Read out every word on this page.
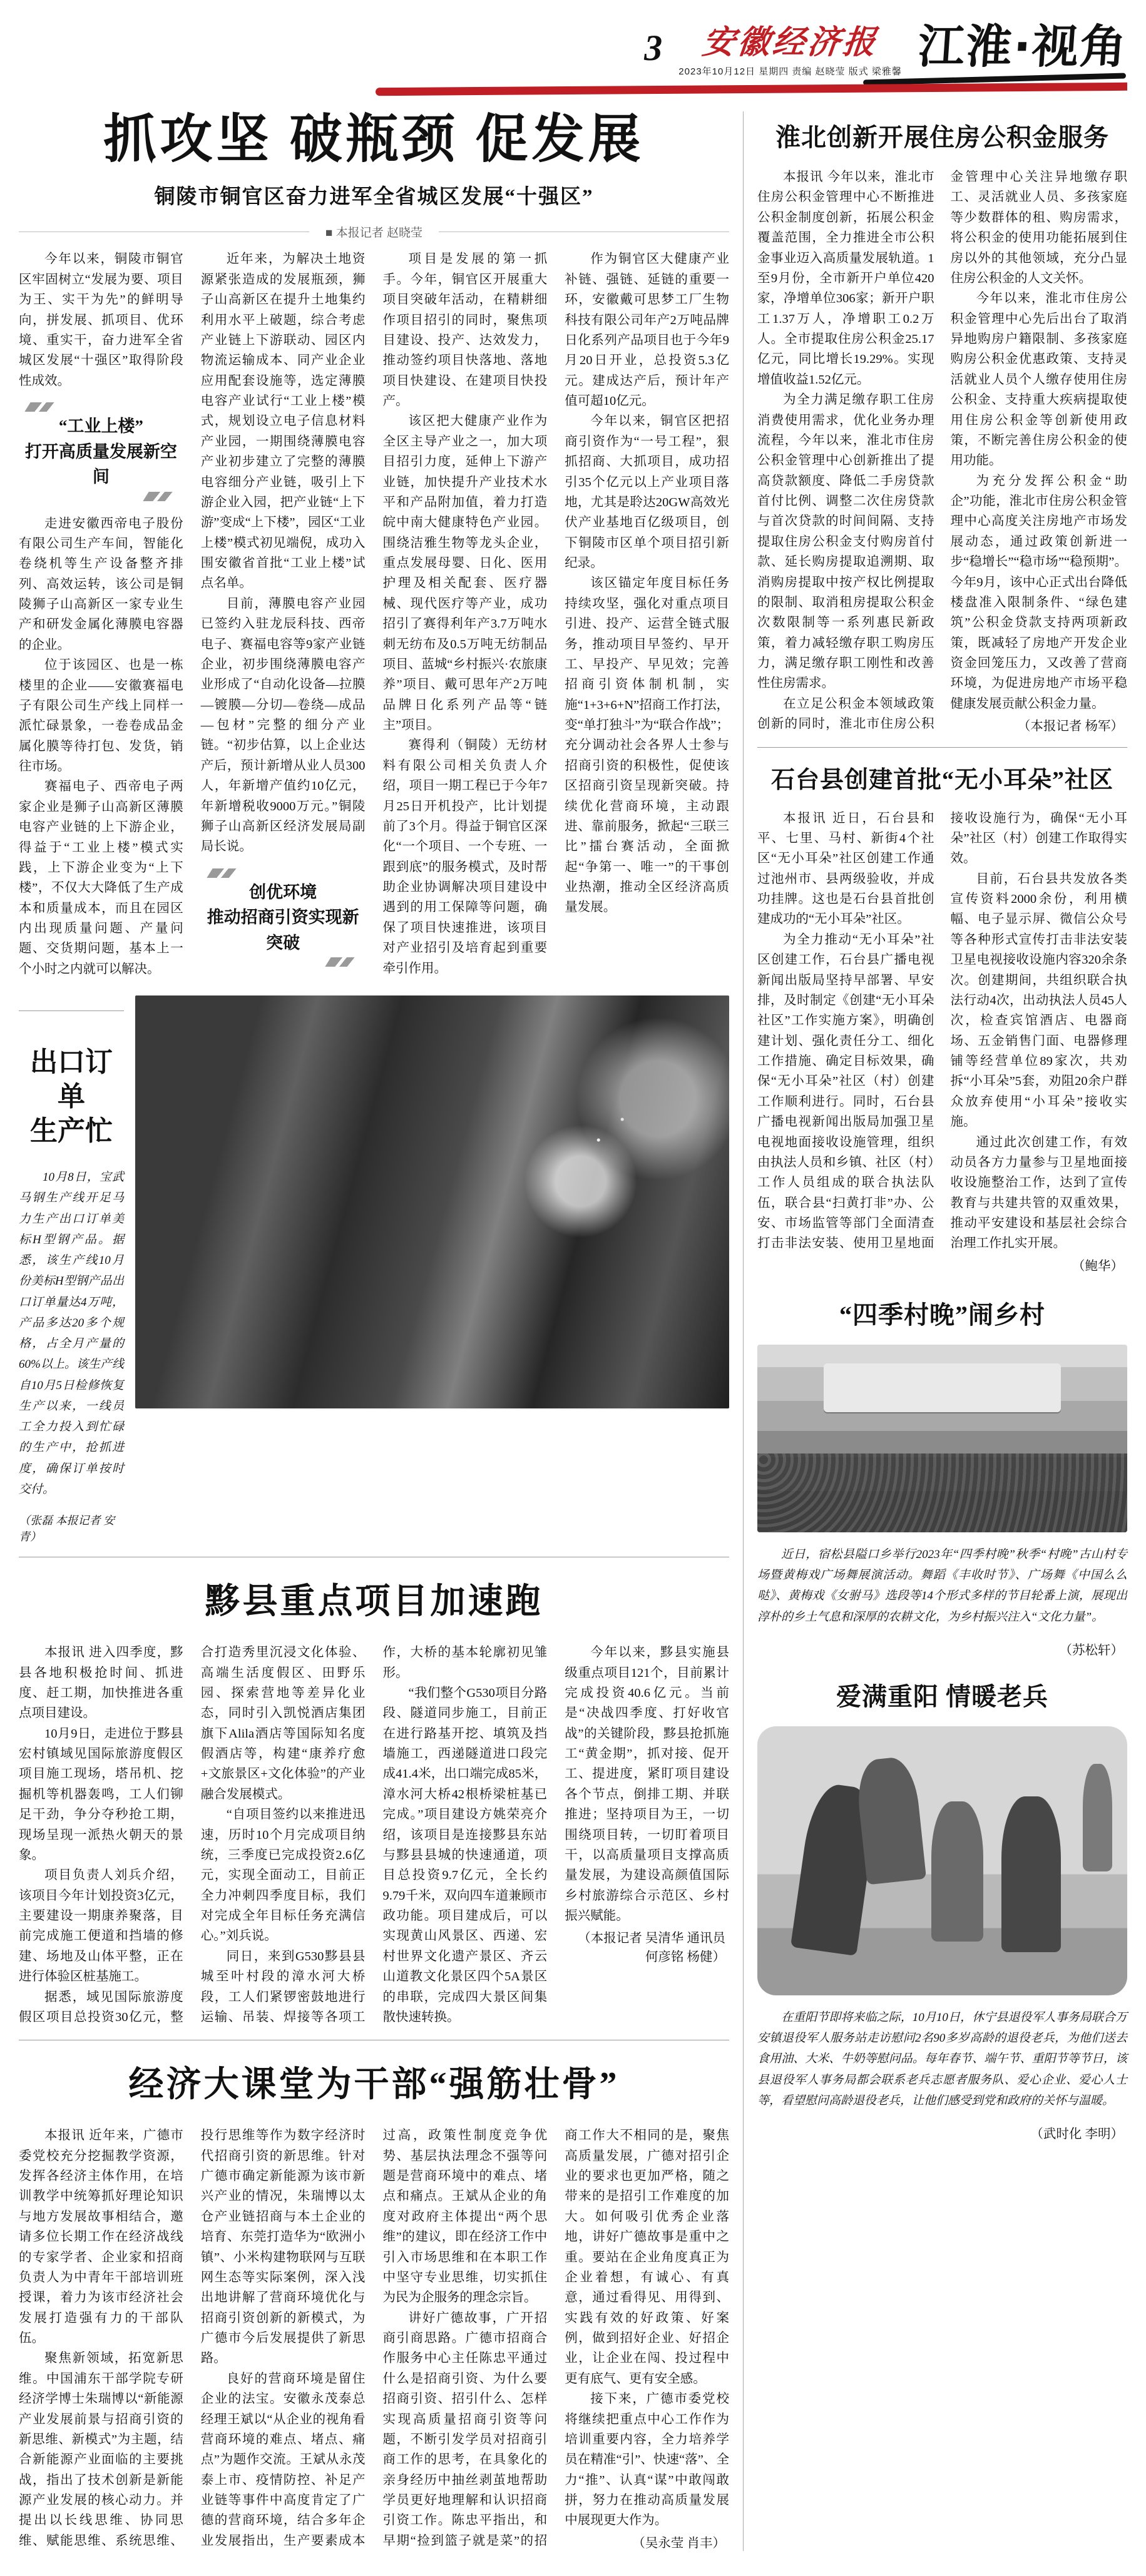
3	安徽经济报
2023年10月12日 星期四 责编 赵晓莹 版式 梁雅馨 江淮·视角
抓攻坚 破瓶颈 促发展
铜陵市铜官区奋力进军全省城区发展“十强区”
■ 本报记者 赵晓莹

今年以来，铜陵市铜官区牢固树立“发展为要、项目为王、实干为先”的鲜明导向，拼发展、抓项目、优环境、重实干，奋力进军全省城区发展“十强区”取得阶段性成效。

“工业上楼”
打开高质量发展新空间

走进安徽西帝电子股份有限公司生产车间，智能化卷绕机等生产设备整齐排列、高效运转，该公司是铜陵狮子山高新区一家专业生产和研发金属化薄膜电容器的企业。

位于该园区、也是一栋楼里的企业——安徽赛福电子有限公司生产线上同样一派忙碌景象，一卷卷成品金属化膜等待打包、发货，销往市场。

赛福电子、西帝电子两家企业是狮子山高新区薄膜电容产业链的上下游企业，得益于“工业上楼”模式实践，上下游企业变为“上下楼”，不仅大大降低了生产成本和质量成本，而且在园区内出现质量问题、产量问题、交货期问题，基本上一个小时之内就可以解决。

近年来，为解决土地资源紧张造成的发展瓶颈，狮子山高新区在提升土地集约利用水平上破题，综合考虑产业链上下游联动、园区内物流运输成本、同产业企业应用配套设施等，选定薄膜电容产业试行“工业上楼”模式，规划设立电子信息材料产业园，一期围绕薄膜电容产业初步建立了完整的薄膜电容细分产业链，吸引上下游企业入园，把产业链“上下游”变成“上下楼”，园区“工业上楼”模式初见端倪，成功入围安徽省首批“工业上楼”试点名单。

目前，薄膜电容产业园已签约入驻龙辰科技、西帝电子、赛福电容等9家产业链企业，初步围绕薄膜电容产业形成了“自动化设备—拉膜—镀膜—分切—卷绕—成品—包材”完整的细分产业链。“初步估算，以上企业达产后，预计新增从业人员300人，年新增产值约10亿元，年新增税收9000万元。”铜陵狮子山高新区经济发展局副局长说。

创优环境
推动招商引资实现新突破

项目是发展的第一抓手。今年，铜官区开展重大项目突破年活动，在精耕细作项目招引的同时，聚焦项目建设、投产、达效发力，推动签约项目快落地、落地项目快建设、在建项目快投产。

该区把大健康产业作为全区主导产业之一，加大项目招引力度，延伸上下游产业链，加快提升产业技术水平和产品附加值，着力打造皖中南大健康特色产业园。围绕洁雅生物等龙头企业，重点发展母婴、日化、医用护理及相关配套、医疗器械、现代医疗等产业，成功招引了赛得利年产3.7万吨水刺无纺布及0.5万吨无纺制品项目、蓝城“乡村振兴·农旅康养”项目、戴可思年产2万吨品牌日化系列产品等“链主”项目。

赛得利（铜陵）无纺材料有限公司相关负责人介绍，项目一期工程已于今年7月25日开机投产，比计划提前了3个月。得益于铜官区深化“一个项目、一个专班、一跟到底”的服务模式，及时帮助企业协调解决项目建设中遇到的用工保障等问题，确保了项目快速推进，该项目对产业招引及培育起到重要牵引作用。

作为铜官区大健康产业补链、强链、延链的重要一环，安徽戴可思梦工厂生物科技有限公司年产2万吨品牌日化系列产品项目也于今年9月20日开业，总投资5.3亿元。建成达产后，预计年产值可超10亿元。

今年以来，铜官区把招商引资作为“一号工程”，狠抓招商、大抓项目，成功招引35个亿元以上产业项目落地，尤其是聆达20GW高效光伏产业基地百亿级项目，创下铜陵市区单个项目招引新纪录。

该区锚定年度目标任务持续攻坚，强化对重点项目引进、投产、运营全链式服务，推动项目早签约、早开工、早投产、早见效；完善招商引资体制机制，实施“1+3+6+N”招商工作打法，变“单打独斗”为“联合作战”；充分调动社会各界人士参与招商引资的积极性，促使该区招商引资呈现新突破。持续优化营商环境，主动跟进、靠前服务，掀起“三联三比”擂台赛活动，全面掀起“争第一、唯一”的干事创业热潮，推动全区经济高质量发展。

出口订单
生产忙

10月8日，宝武马钢生产线开足马力生产出口订单美标H型钢产品。据悉，该生产线10月份美标H型钢产品出口订单量达4万吨，产品多达20多个规格，占全月产量的60%以上。该生产线自10月5日检修恢复生产以来，一线员工全力投入到忙碌的生产中，抢抓进度，确保订单按时交付。

（张磊 本报记者 安青）
黟县重点项目加速跑

本报讯 进入四季度，黟县各地积极抢时间、抓进度、赶工期，加快推进各重点项目建设。

10月9日，走进位于黟县宏村镇域见国际旅游度假区项目施工现场，塔吊机、挖掘机等机器轰鸣，工人们铆足干劲，争分夺秒抢工期，现场呈现一派热火朝天的景象。

项目负责人刘兵介绍，该项目今年计划投资3亿元，主要建设一期康养聚落，目前完成施工便道和挡墙的修建、场地及山体平整，正在进行体验区桩基施工。

据悉，域见国际旅游度假区项目总投资30亿元，整合打造秀里沉浸文化体验、高端生活度假区、田野乐园、探索营地等差异化业态，同时引入凯悦酒店集团旗下Alila酒店等国际知名度假酒店等，构建“康养疗愈+文旅景区+文化体验”的产业融合发展模式。

“自项目签约以来推进迅速，历时10个月完成项目纳统，三季度已完成投资2.6亿元，实现全面动工，目前正全力冲刺四季度目标，我们对完成全年目标任务充满信心。”刘兵说。

同日，来到G530黟县县城至叶村段的漳水河大桥段，工人们紧锣密鼓地进行运输、吊装、焊接等各项工作，大桥的基本轮廓初见雏形。

“我们整个G530项目分路段、隧道同步施工，目前正在进行路基开挖、填筑及挡墙施工，西递隧道进口段完成41.4米，出口端完成85米，漳水河大桥42根桥梁桩基已完成。”项目建设方姚荣亮介绍，该项目是连接黟县东站与黟县县城的快速通道，项目总投资9.7亿元，全长约9.79千米，双向四车道兼顾市政功能。项目建成后，可以实现黄山风景区、西递、宏村世界文化遗产景区、齐云山道教文化景区四个5A景区的串联，完成四大景区间集散快速转换。

今年以来，黟县实施县级重点项目121个，目前累计完成投资40.6亿元。当前是“决战四季度、打好收官战”的关键阶段，黟县抢抓施工“黄金期”，抓对接、促开工、提进度，紧盯项目建设各个节点，倒排工期、并联推进；坚持项目为王，一切围绕项目转，一切盯着项目干，以高质量项目支撑高质量发展，为建设高颜值国际乡村旅游综合示范区、乡村振兴赋能。

（本报记者 吴清华 通讯员 何彦铭 杨健）
经济大课堂为干部“强筋壮骨”

本报讯 近年来，广德市委党校充分挖掘教学资源，发挥各经济主体作用，在培训教学中统筹抓好理论知识与地方发展故事相结合，邀请多位长期工作在经济战线的专家学者、企业家和招商负责人为中青年干部培训班授课，着力为该市经济社会发展打造强有力的干部队伍。

聚焦新领域，拓宽新思维。中国浦东干部学院专研经济学博士朱瑞博以“新能源产业发展前景与招商引资的新思维、新模式”为主题，结合新能源产业面临的主要挑战，指出了技术创新是新能源产业发展的核心动力。并提出以长线思维、协同思维、赋能思维、系统思维、投行思维等作为数字经济时代招商引资的新思维。针对广德市确定新能源为该市新兴产业的情况，朱瑞博以太仓产业链招商与本土企业的培育、东莞打造华为“欧洲小镇”、小米构建物联网与互联网生态等实际案例，深入浅出地讲解了营商环境优化与招商引资创新的新模式，为广德市今后发展提供了新思路。

良好的营商环境是留住企业的法宝。安徽永茂泰总经理王斌以“从企业的视角看营商环境的难点、堵点、痛点”为题作交流。王斌从永茂泰上市、疫情防控、补足产业链等事件中高度肯定了广德的营商环境，结合多年企业发展指出，生产要素成本过高，政策性制度竞争优势、基层执法理念不强等问题是营商环境中的难点、堵点和痛点。王斌从企业的角度对政府主体提出“两个思维”的建议，即在经济工作中引入市场思维和在本职工作中坚守专业思维，切实抓住为民为企服务的理念宗旨。

讲好广德故事，广开招商引商思路。广德市招商合作服务中心主任陈忠平通过什么是招商引资、为什么要招商引资、招引什么、怎样实现高质量招商引资等问题，不断引发学员对招商引商工作的思考，在具象化的亲身经历中抽丝剥茧地帮助学员更好地理解和认识招商引资工作。陈忠平指出，和早期“捡到篮子就是菜”的招商工作大不相同的是，聚焦高质量发展，广德对招引企业的要求也更加严格，随之带来的是招引工作难度的加大。如何吸引优秀企业落地，讲好广德故事是重中之重。要站在企业角度真正为企业着想，有诚心、有真意，通过看得见、用得到、实践有效的好政策、好案例，做到招好企业、好招企业，让企业在闯、投过程中更有底气、更有安全感。

接下来，广德市委党校将继续把重点中心工作作为培训重要内容，全力培养学员在精准“引”、快速“落”、全力“推”、认真“谋”中敢闯敢拼，努力在推动高质量发展中展现更大作为。

（吴永莹 肖丰）
淮北创新开展住房公积金服务

本报讯 今年以来，淮北市住房公积金管理中心不断推进公积金制度创新，拓展公积金覆盖范围，全力推进全市公积金事业迈入高质量发展轨道。1至9月份，全市新开户单位420家，净增单位306家；新开户职工1.37万人，净增职工0.2万人。全市提取住房公积金25.17亿元，同比增长19.29%。实现增值收益1.52亿元。

为全力满足缴存职工住房消费使用需求，优化业务办理流程，今年以来，淮北市住房公积金管理中心创新推出了提高贷款额度、降低二手房贷款首付比例、调整二次住房贷款与首次贷款的时间间隔、支持提取住房公积金支付购房首付款、延长购房提取追溯期、取消购房提取中按产权比例提取的限制、取消租房提取公积金次数限制等一系列惠民新政策，着力减轻缴存职工购房压力，满足缴存职工刚性和改善性住房需求。

在立足公积金本领域政策创新的同时，淮北市住房公积金管理中心关注异地缴存职工、灵活就业人员、多孩家庭等少数群体的租、购房需求，将公积金的使用功能拓展到住房以外的其他领域，充分凸显住房公积金的人文关怀。

今年以来，淮北市住房公积金管理中心先后出台了取消异地购房户籍限制、多孩家庭购房公积金优惠政策、支持灵活就业人员个人缴存使用住房公积金、支持重大疾病提取使用住房公积金等创新使用政策，不断完善住房公积金的使用功能。

为充分发挥公积金“助企”功能，淮北市住房公积金管理中心高度关注房地产市场发展动态，通过政策创新进一步“稳增长”“稳市场”“稳预期”。今年9月，该中心正式出台降低楼盘准入限制条件、“绿色建筑”公积金贷款支持两项新政策，既减轻了房地产开发企业资金回笼压力，又改善了营商环境，为促进房地产市场平稳健康发展贡献公积金力量。

（本报记者 杨军）
石台县创建首批“无小耳朵”社区

本报讯 近日，石台县和平、七里、马村、新街4个社区“无小耳朵”社区创建工作通过池州市、县两级验收，并成功挂牌。这也是石台县首批创建成功的“无小耳朵”社区。

为全力推动“无小耳朵”社区创建工作，石台县广播电视新闻出版局坚持早部署、早安排，及时制定《创建“无小耳朵社区”工作实施方案》，明确创建计划、强化责任分工、细化工作措施、确定目标效果，确保“无小耳朵”社区（村）创建工作顺利进行。同时，石台县广播电视新闻出版局加强卫星电视地面接收设施管理，组织由执法人员和乡镇、社区（村）工作人员组成的联合执法队伍，联合县“扫黄打非”办、公安、市场监管等部门全面清查打击非法安装、使用卫星地面接收设施行为，确保“无小耳朵”社区（村）创建工作取得实效。

目前，石台县共发放各类宣传资料2000余份，利用横幅、电子显示屏、微信公众号等各种形式宣传打击非法安装卫星电视接收设施内容320余条次。创建期间，共组织联合执法行动4次，出动执法人员45人次，检查宾馆酒店、电器商场、五金销售门面、电器修理铺等经营单位89家次，共劝拆“小耳朵”5套，劝阻20余户群众放弃使用“小耳朵”接收实施。

通过此次创建工作，有效动员各方力量参与卫星地面接收设施整治工作，达到了宣传教育与共建共管的双重效果，推动平安建设和基层社会综合治理工作扎实开展。

（鲍华）
“四季村晚”闹乡村

近日，宿松县隘口乡举行2023年“四季村晚”秋季“村晚”古山村专场暨黄梅戏广场舞展演活动。舞蹈《丰收时节》、广场舞《中国么么哒》、黄梅戏《女驸马》选段等14个形式多样的节目轮番上演，展现出淳朴的乡土气息和深厚的农耕文化，为乡村振兴注入“文化力量”。

（苏松轩）
爱满重阳 情暖老兵

在重阳节即将来临之际，10月10日，休宁县退役军人事务局联合万安镇退役军人服务站走访慰问2名90多岁高龄的退役老兵，为他们送去食用油、大米、牛奶等慰问品。每年春节、端午节、重阳节等节日，该县退役军人事务局都会联系老兵志愿者服务队、爱心企业、爱心人士等，看望慰问高龄退役老兵，让他们感受到党和政府的关怀与温暖。

（武时化 李明）
